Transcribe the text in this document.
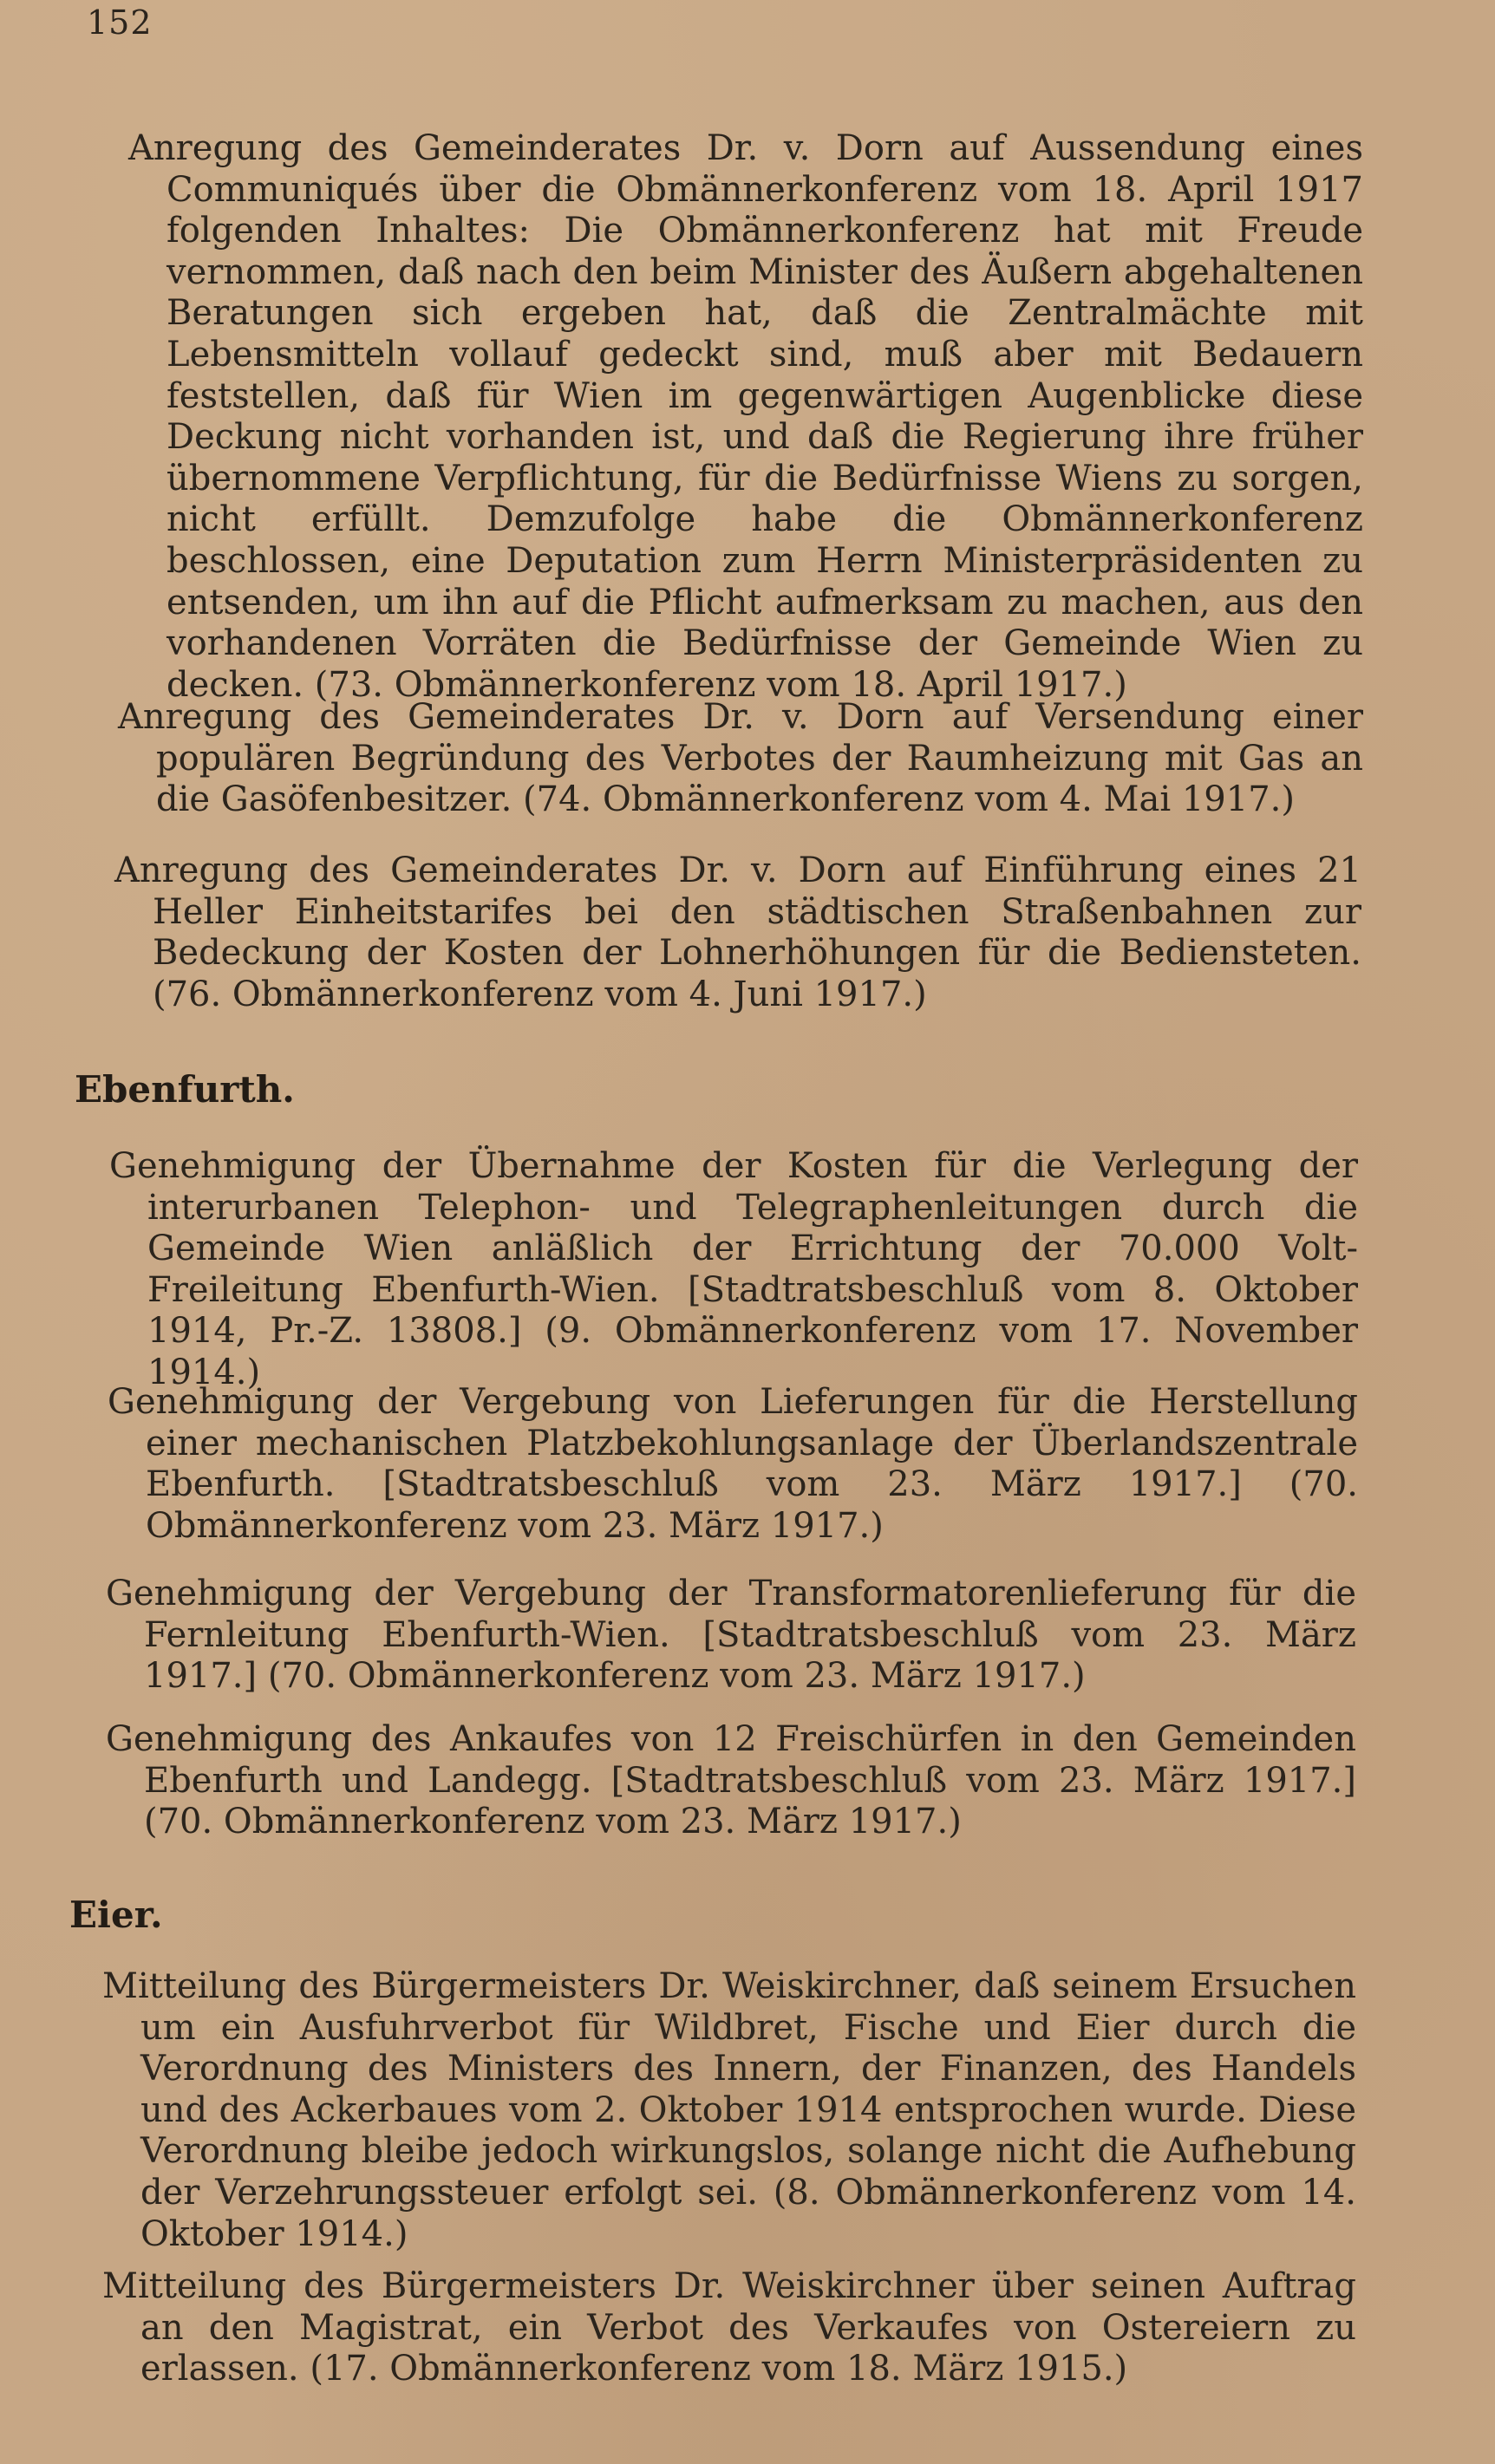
152

Anregung des Gemeinderates Dr. v. Dorn auf Aussendung eines Communiqués über die Obmännerkonferenz vom 18. April 1917 folgenden Inhaltes: Die Obmännerkonferenz hat mit Freude vernommen, daß nach den beim Minister des Äußern abgehaltenen Beratungen sich ergeben hat, daß die Zentralmächte mit Lebensmitteln vollauf gedeckt sind, muß aber mit Bedauern feststellen, daß für Wien im gegenwärtigen Augenblicke diese Deckung nicht vorhanden ist, und daß die Regierung ihre früher übernommene Verpflichtung, für die Bedürfnisse Wiens zu sorgen, nicht erfüllt. Demzufolge habe die Obmännerkonferenz beschlossen, eine Deputation zum Herrn Ministerpräsidenten zu entsenden, um ihn auf die Pflicht aufmerksam zu machen, aus den vorhandenen Vorräten die Bedürfnisse der Gemeinde Wien zu decken. (73. Obmännerkonferenz vom 18. April 1917.)

Anregung des Gemeinderates Dr. v. Dorn auf Versendung einer populären Begründung des Verbotes der Raumheizung mit Gas an die Gasöfenbesitzer. (74. Obmännerkonferenz vom 4. Mai 1917.)

Anregung des Gemeinderates Dr. v. Dorn auf Einführung eines 21 Heller Einheitstarifes bei den städtischen Straßenbahnen zur Bedeckung der Kosten der Lohnerhöhungen für die Bediensteten. (76. Obmännerkonferenz vom 4. Juni 1917.)

Ebenfurth.

Genehmigung der Übernahme der Kosten für die Verlegung der interurbanen Telephon- und Telegraphenleitungen durch die Gemeinde Wien anläßlich der Errichtung der 70.000 Volt-Freileitung Ebenfurth-Wien. [Stadtratsbeschluß vom 8. Oktober 1914, Pr.-Z. 13808.] (9. Obmännerkonferenz vom 17. November 1914.)

Genehmigung der Vergebung von Lieferungen für die Herstellung einer mechanischen Platzbekohlungsanlage der Überlandszentrale Ebenfurth. [Stadtratsbeschluß vom 23. März 1917.] (70. Obmännerkonferenz vom 23. März 1917.)

Genehmigung der Vergebung der Transformatorenlieferung für die Fernleitung Ebenfurth-Wien. [Stadtratsbeschluß vom 23. März 1917.] (70. Obmännerkonferenz vom 23. März 1917.)

Genehmigung des Ankaufes von 12 Freischürfen in den Gemeinden Ebenfurth und Landegg. [Stadtratsbeschluß vom 23. März 1917.] (70. Obmännerkonferenz vom 23. März 1917.)

Eier.

Mitteilung des Bürgermeisters Dr. Weiskirchner, daß seinem Ersuchen um ein Ausfuhrverbot für Wildbret, Fische und Eier durch die Verordnung des Ministers des Innern, der Finanzen, des Handels und des Ackerbaues vom 2. Oktober 1914 entsprochen wurde. Diese Verordnung bleibe jedoch wirkungslos, solange nicht die Aufhebung der Verzehrungssteuer erfolgt sei. (8. Obmännerkonferenz vom 14. Oktober 1914.)

Mitteilung des Bürgermeisters Dr. Weiskirchner über seinen Auftrag an den Magistrat, ein Verbot des Verkaufes von Ostereiern zu erlassen. (17. Obmännerkonferenz vom 18. März 1915.)
